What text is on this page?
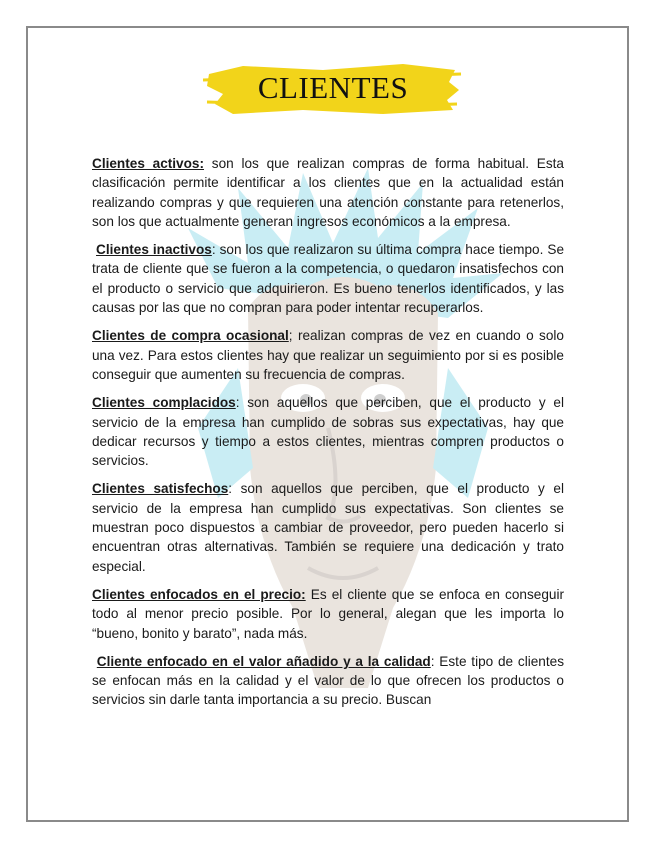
CLIENTES

Clientes activos: son los que realizan compras de forma habitual. Esta clasificación permite identificar a los clientes que en la actualidad están realizando compras y que requieren una atención constante para retenerlos, son los que actualmente generan ingresos económicos a la empresa.

Clientes inactivos: son los que realizaron su última compra hace tiempo. Se trata de cliente que se fueron a la competencia, o quedaron insatisfechos con el producto o servicio que adquirieron. Es bueno tenerlos identificados, y las causas por las que no compran para poder intentar recuperarlos.

Clientes de compra ocasional; realizan compras de vez en cuando o solo una vez. Para estos clientes hay que realizar un seguimiento por si es posible conseguir que aumenten su frecuencia de compras.

Clientes complacidos: son aquellos que perciben, que el producto y el servicio de la empresa han cumplido de sobras sus expectativas, hay que dedicar recursos y tiempo a estos clientes, mientras compren productos o servicios.

Clientes satisfechos: son aquellos que perciben, que el producto y el servicio de la empresa han cumplido sus expectativas. Son clientes se muestran poco dispuestos a cambiar de proveedor, pero pueden hacerlo si encuentran otras alternativas. También se requiere una dedicación y trato especial.

Clientes enfocados en el precio: Es el cliente que se enfoca en conseguir todo al menor precio posible. Por lo general, alegan que les importa lo “bueno, bonito y barato”, nada más.

Cliente enfocado en el valor añadido y a la calidad: Este tipo de clientes se enfocan más en la calidad y el valor de lo que ofrecen los productos o servicios sin darle tanta importancia a su precio. Buscan
